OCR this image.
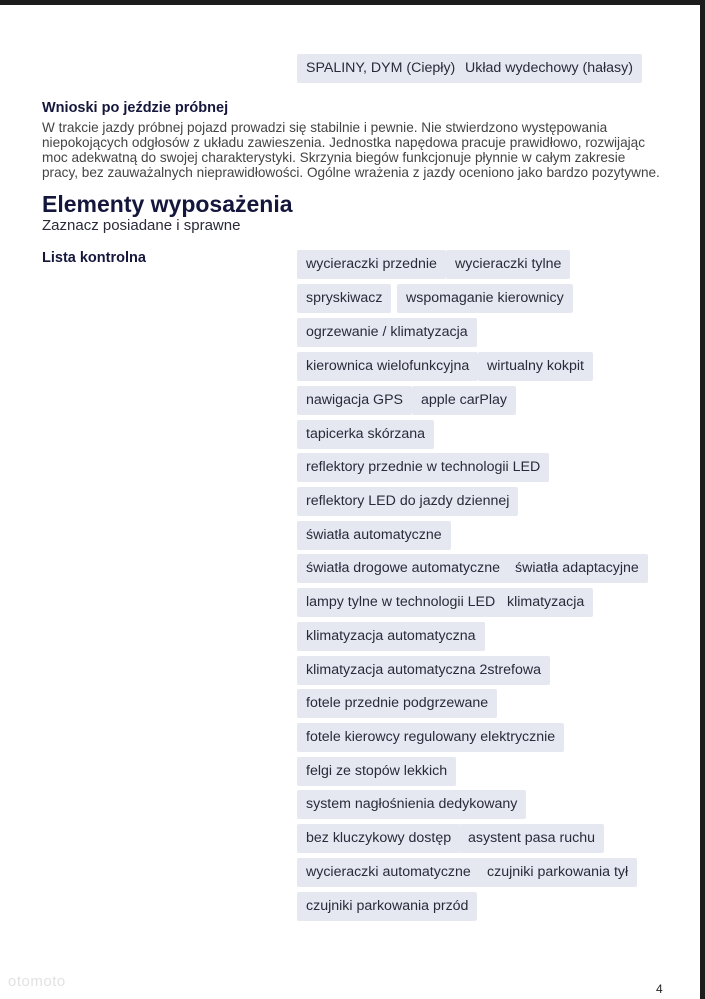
SPALINY, DYM (Ciepły) Układ wydechowy (hałasy)
Wnioski po jeździe próbnej

W trakcie jazdy próbnej pojazd prowadzi się stabilnie i pewnie. Nie stwierdzono występowania niepokojących odgłosów z układu zawieszenia. Jednostka napędowa pracuje prawidłowo, rozwijając moc adekwatną do swojej charakterystyki. Skrzynia biegów funkcjonuje płynnie w całym zakresie pracy, bez zauważalnych nieprawidłowości. Ogólne wrażenia z jazdy oceniono jako bardzo pozytywne.

Elementy wyposażenia
Zaznacz posiadane i sprawne
Lista kontrolna	wycieraczki przednie	wycieraczki tylne
spryskiwacz	wspomaganie kierownicy
ogrzewanie / klimatyzacja
kierownica wielofunkcyjna	wirtualny kokpit
nawigacja GPS	apple carPlay
tapicerka skórzana
reflektory przednie w technologii LED
reflektory LED do jazdy dziennej
światła automatyczne
światła drogowe automatyczne	światła adaptacyjne
lampy tylne w technologii LED klimatyzacja
klimatyzacja automatyczna
klimatyzacja automatyczna 2strefowa
fotele przednie podgrzewane
fotele kierowcy regulowany elektrycznie
felgi ze stopów lekkich
system nagłośnienia dedykowany
bez kluczykowy dostęp	asystent pasa ruchu
wycieraczki automatyczne	czujniki parkowania tył
czujniki parkowania przód
otomoto	4
